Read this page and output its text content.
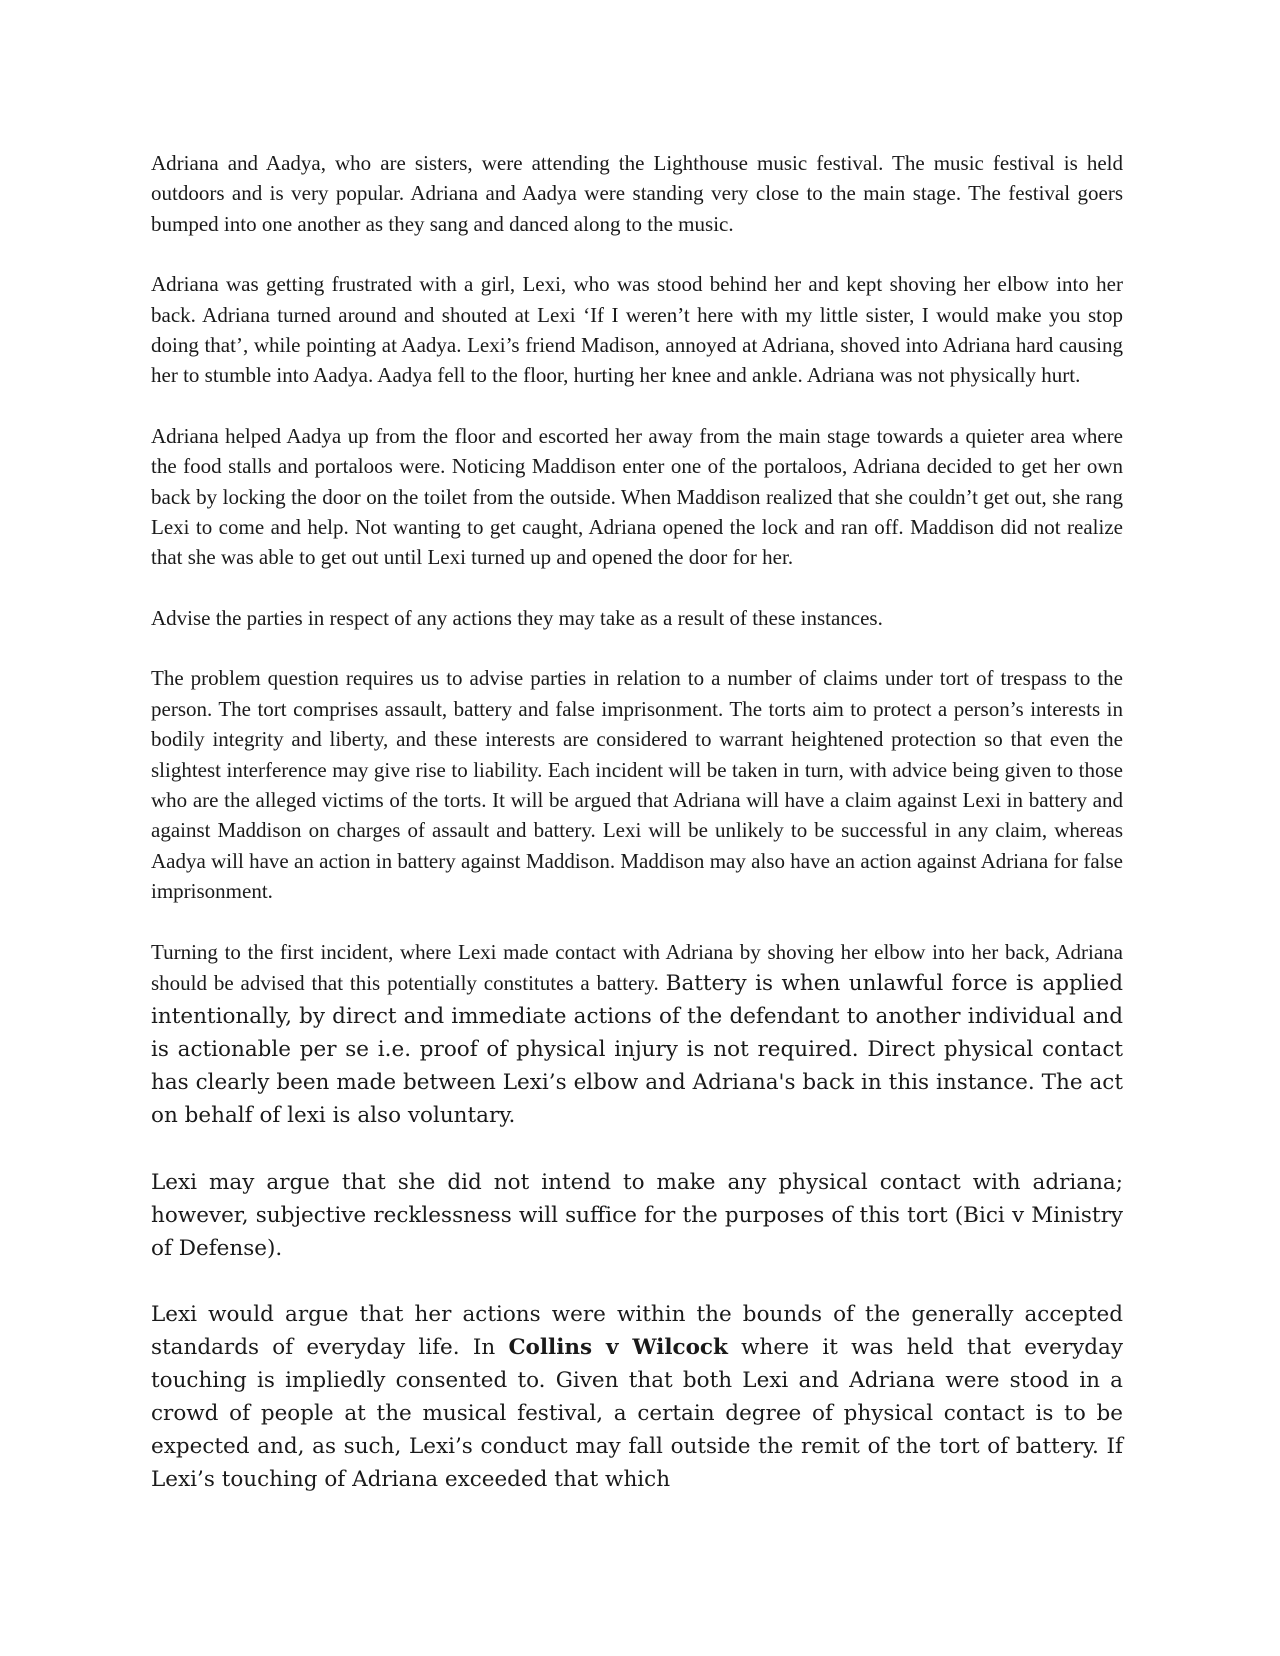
Adriana and Aadya, who are sisters, were attending the Lighthouse music festival. The music festival is held outdoors and is very popular. Adriana and Aadya were standing very close to the main stage. The festival goers bumped into one another as they sang and danced along to the music.

Adriana was getting frustrated with a girl, Lexi, who was stood behind her and kept shoving her elbow into her back. Adriana turned around and shouted at Lexi ‘If I weren’t here with my little sister, I would make you stop doing that’, while pointing at Aadya. Lexi’s friend Madison, annoyed at Adriana, shoved into Adriana hard causing her to stumble into Aadya. Aadya fell to the floor, hurting her knee and ankle. Adriana was not physically hurt.

Adriana helped Aadya up from the floor and escorted her away from the main stage towards a quieter area where the food stalls and portaloos were. Noticing Maddison enter one of the portaloos, Adriana decided to get her own back by locking the door on the toilet from the outside. When Maddison realized that she couldn’t get out, she rang Lexi to come and help. Not wanting to get caught, Adriana opened the lock and ran off. Maddison did not realize that she was able to get out until Lexi turned up and opened the door for her.

Advise the parties in respect of any actions they may take as a result of these instances.

The problem question requires us to advise parties in relation to a number of claims under tort of trespass to the person. The tort comprises assault, battery and false imprisonment. The torts aim to protect a person’s interests in bodily integrity and liberty, and these interests are considered to warrant heightened protection so that even the slightest interference may give rise to liability. Each incident will be taken in turn, with advice being given to those who are the alleged victims of the torts. It will be argued that Adriana will have a claim against Lexi in battery and against Maddison on charges of assault and battery. Lexi will be unlikely to be successful in any claim, whereas Aadya will have an action in battery against Maddison. Maddison may also have an action against Adriana for false imprisonment.

Turning to the first incident, where Lexi made contact with Adriana by shoving her elbow into her back, Adriana should be advised that this potentially constitutes a battery. Battery is when unlawful force is applied intentionally, by direct and immediate actions of the defendant to another individual and is actionable per se i.e. proof of physical injury is not required. Direct physical contact has clearly been made between Lexi’s elbow and Adriana's back in this instance. The act on behalf of lexi is also voluntary.

Lexi may argue that she did not intend to make any physical contact with adriana; however, subjective recklessness will suffice for the purposes of this tort (Bici v Ministry of Defense).

Lexi would argue that her actions were within the bounds of the generally accepted standards of everyday life. In Collins v Wilcock where it was held that everyday touching is impliedly consented to. Given that both Lexi and Adriana were stood in a crowd of people at the musical festival, a certain degree of physical contact is to be expected and, as such, Lexi’s conduct may fall outside the remit of the tort of battery. If Lexi’s touching of Adriana exceeded that which
